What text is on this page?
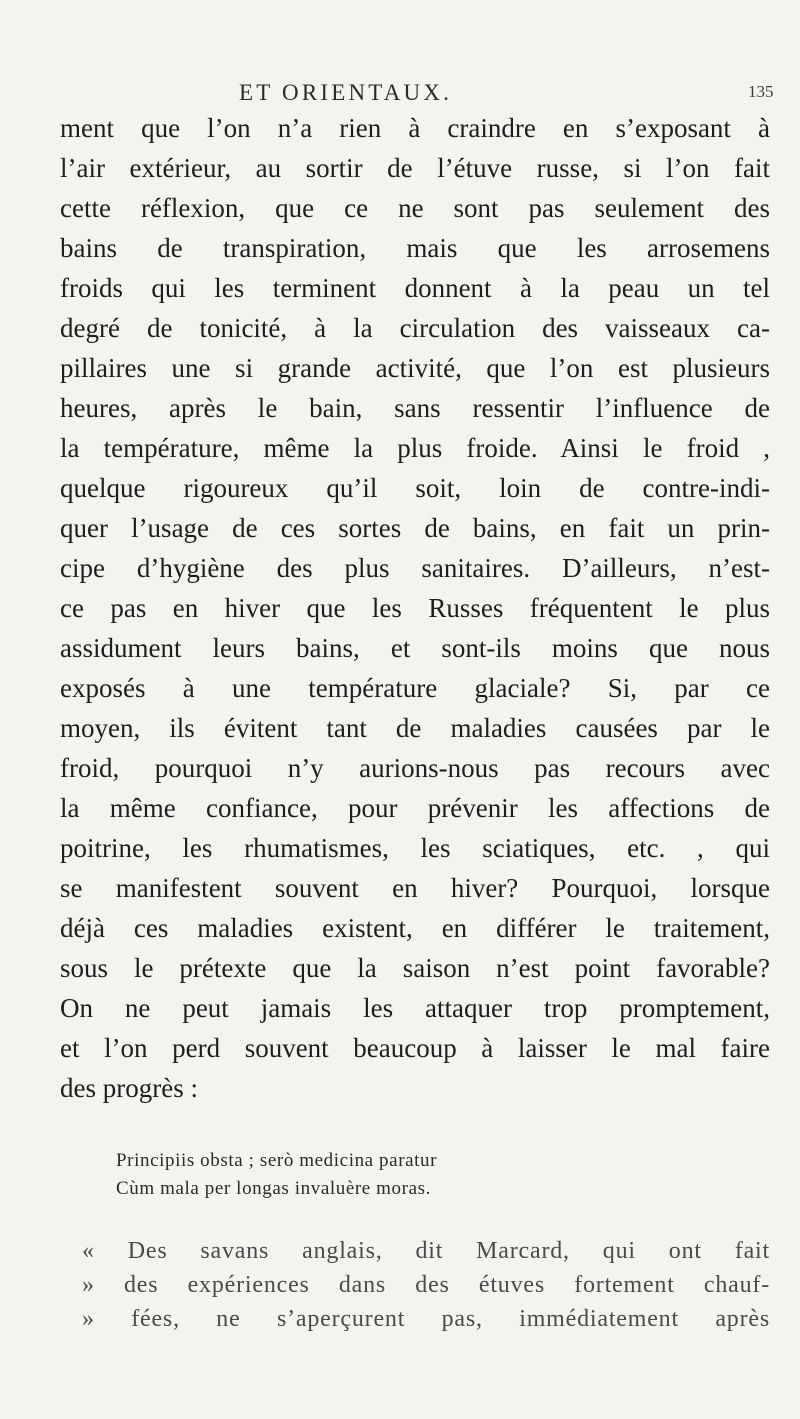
ET ORIENTAUX.	135
ment que l’on n’a rien à craindre en s’exposant à
l’air extérieur, au sortir de l’étuve russe, si l’on fait
cette réflexion, que ce ne sont pas seulement des
bains de transpiration, mais que les arrosemens
froids qui les terminent donnent à la peau un tel
degré de tonicité, à la circulation des vaisseaux ca-
pillaires une si grande activité, que l’on est plusieurs
heures, après le bain, sans ressentir l’influence de
la température, même la plus froide. Ainsi le froid ,
quelque rigoureux qu’il soit, loin de contre-indi-
quer l’usage de ces sortes de bains, en fait un prin-
cipe d’hygiène des plus sanitaires. D’ailleurs, n’est-
ce pas en hiver que les Russes fréquentent le plus
assidument leurs bains, et sont-ils moins que nous
exposés à une température glaciale? Si, par ce
moyen, ils évitent tant de maladies causées par le
froid, pourquoi n’y aurions-nous pas recours avec
la même confiance, pour prévenir les affections de
poitrine, les rhumatismes, les sciatiques, etc. , qui
se manifestent souvent en hiver? Pourquoi, lorsque
déjà ces maladies existent, en différer le traitement,
sous le prétexte que la saison n’est point favorable?
On ne peut jamais les attaquer trop promptement,
et l’on perd souvent beaucoup à laisser le mal faire
des progrès :
Principiis obsta ; serò medicina paratur
Cùm mala per longas invaluère moras.
« Des savans anglais, dit Marcard, qui ont fait
» des expériences dans des étuves fortement chauf-
» fées, ne s’aperçurent pas, immédiatement après
